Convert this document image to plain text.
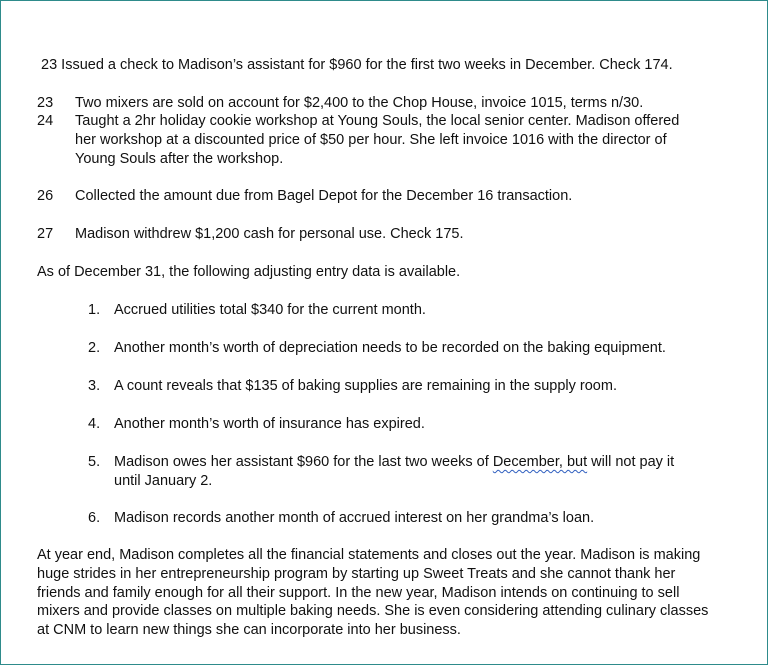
23 Issued a check to Madison’s assistant for $960 for the first two weeks in December. Check 174.
23 Two mixers are sold on account for $2,400 to the Chop House, invoice 1015, terms n/30.
24 Taught a 2hr holiday cookie workshop at Young Souls, the local senior center. Madison offered
her workshop at a discounted price of $50 per hour. She left invoice 1016 with the director of
Young Souls after the workshop.
26 Collected the amount due from Bagel Depot for the December 16 transaction.
27 Madison withdrew $1,200 cash for personal use. Check 175.
As of December 31, the following adjusting entry data is available.
1. Accrued utilities total $340 for the current month.
2. Another month’s worth of depreciation needs to be recorded on the baking equipment.
3. A count reveals that $135 of baking supplies are remaining in the supply room.
4. Another month’s worth of insurance has expired.
5. Madison owes her assistant $960 for the last two weeks of December, but will not pay it
until January 2.
6. Madison records another month of accrued interest on her grandma’s loan.
At year end, Madison completes all the financial statements and closes out the year. Madison is making huge strides in her entrepreneurship program by starting up Sweet Treats and she cannot thank her friends and family enough for all their support. In the new year, Madison intends on continuing to sell mixers and provide classes on multiple baking needs. She is even considering attending culinary classes at CNM to learn new things she can incorporate into her business.
